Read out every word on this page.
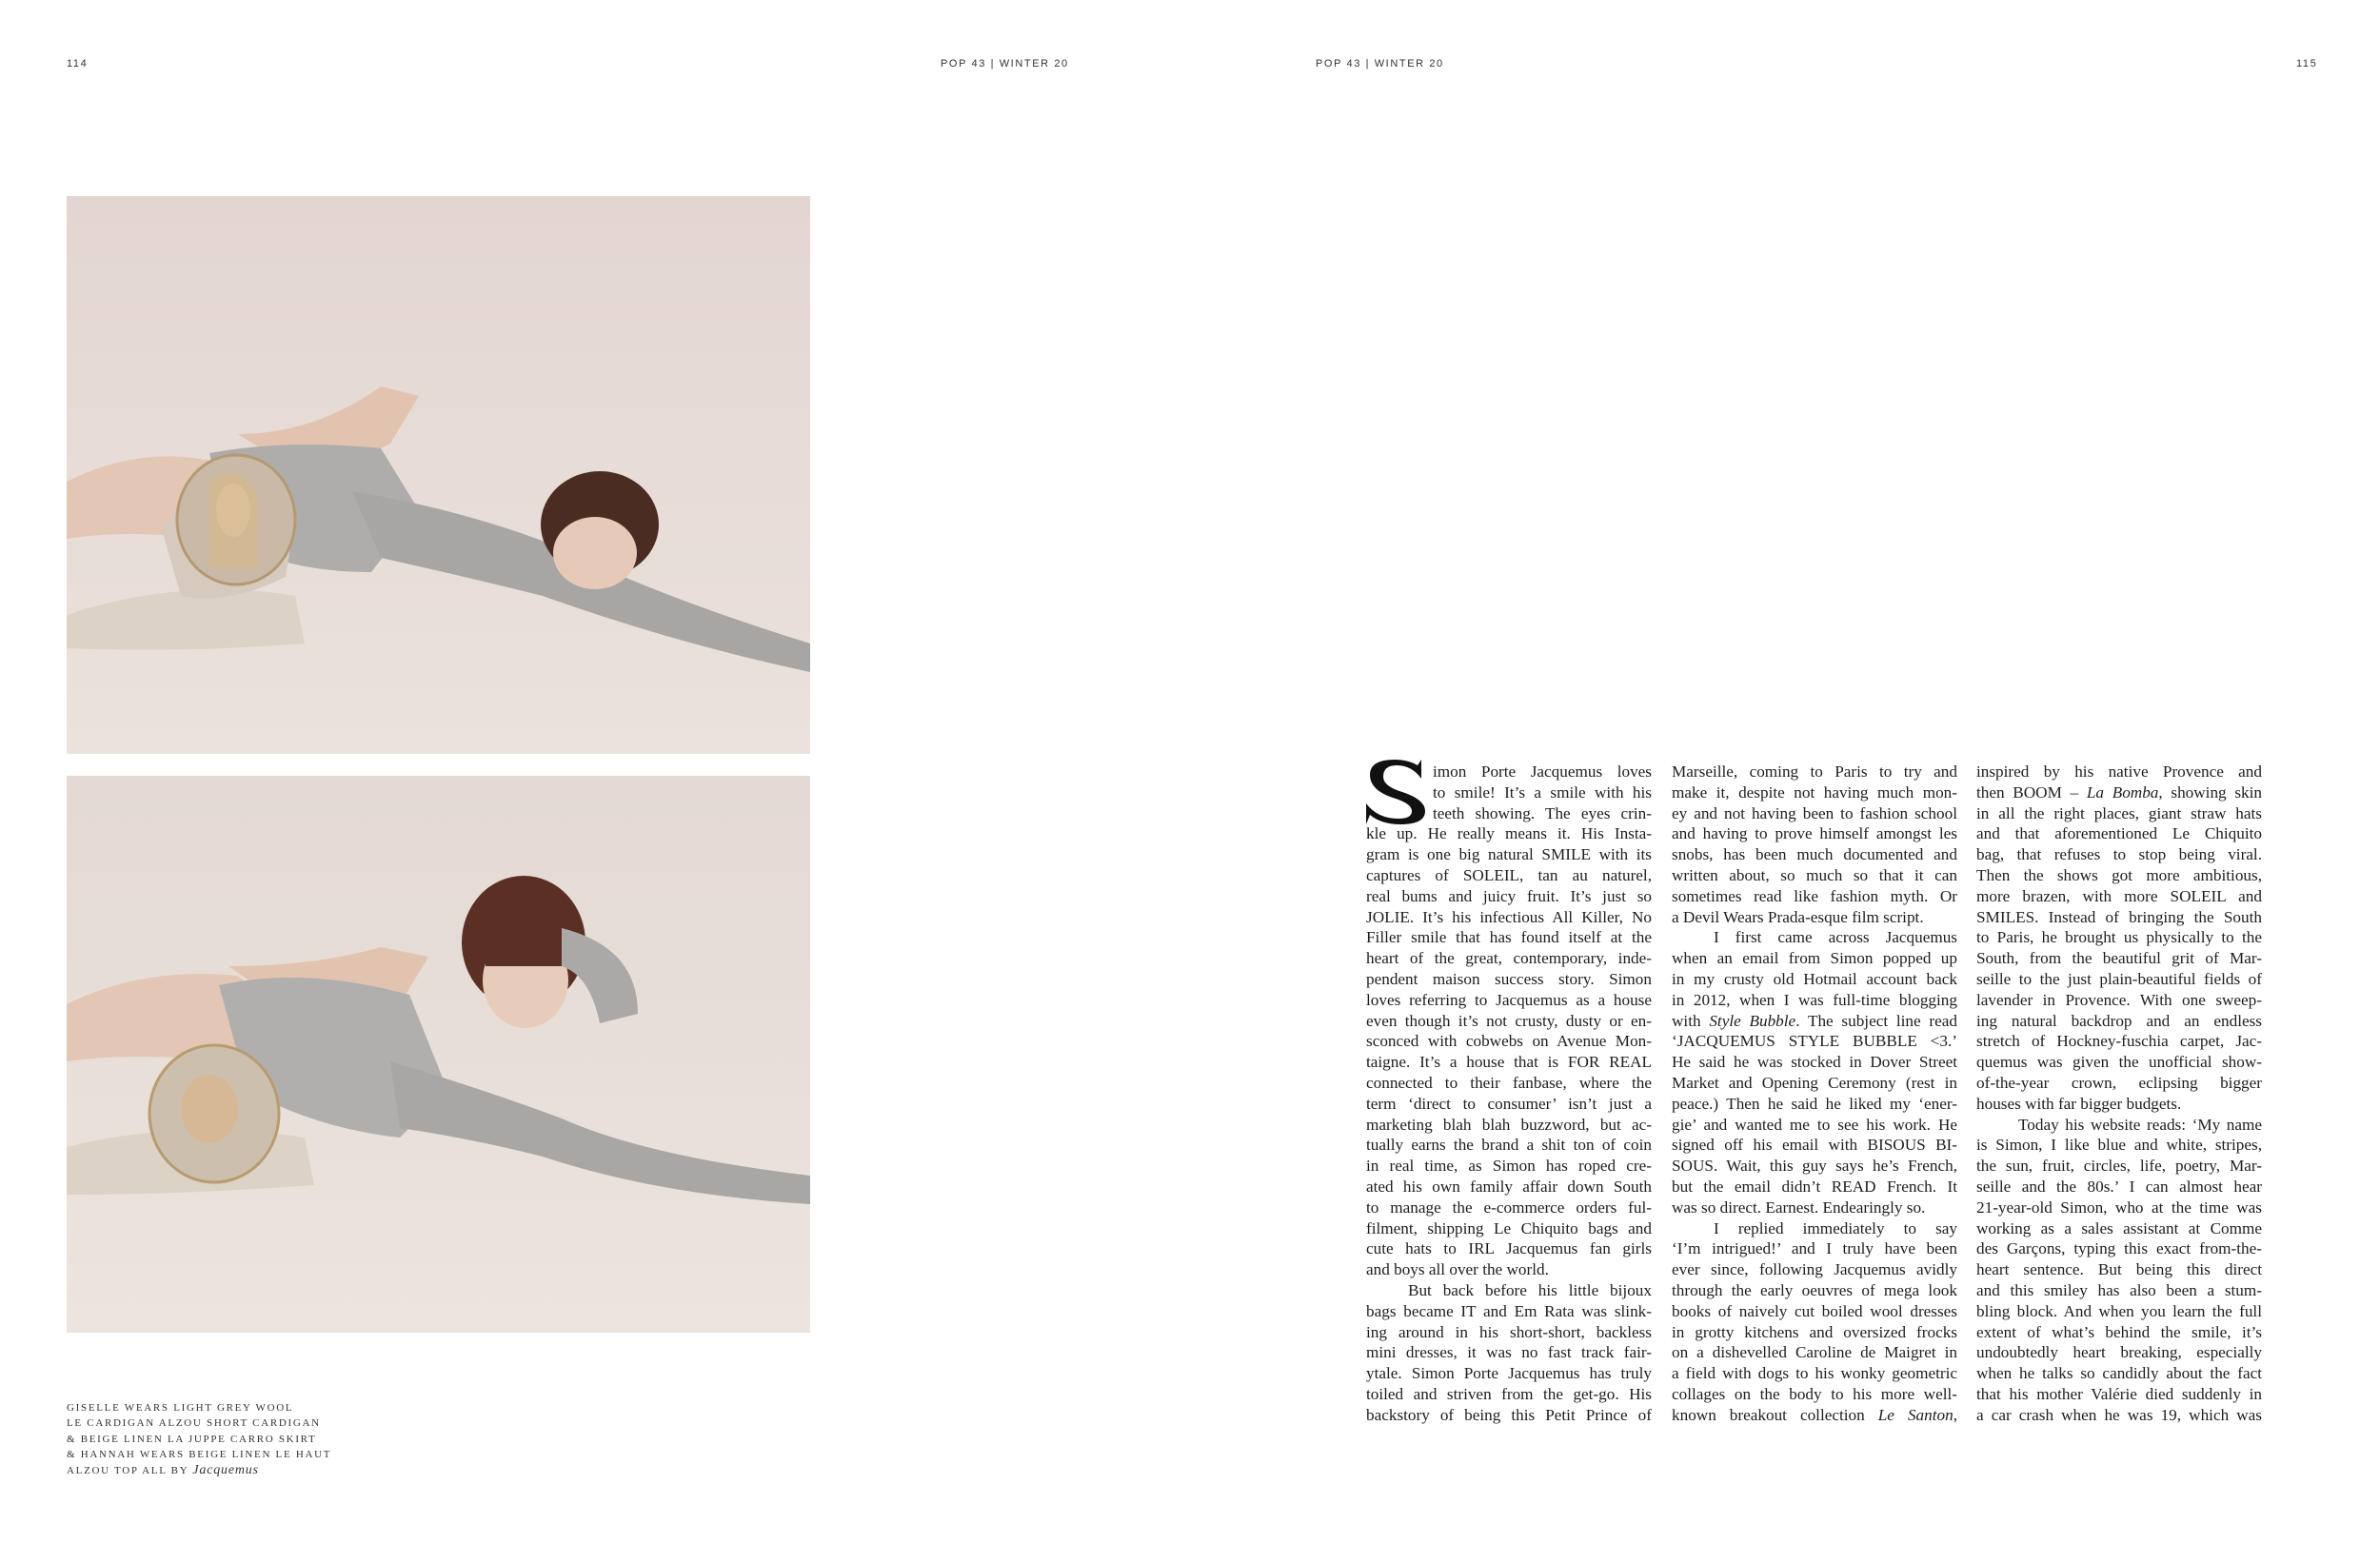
114	POP 43 | WINTER 20	POP 43 | WINTER 20	115
GISELLE WEARS LIGHT GREY WOOL
LE CARDIGAN ALZOU SHORT CARDIGAN
& BEIGE LINEN LA JUPPE CARRO SKIRT
& HANNAH WEARS BEIGE LINEN LE HAUT
ALZOU TOP ALL BY Jacquemus
imon Porte Jacquemus loves
to smile! It’s a smile with his
teeth showing. The eyes crin-
kle up. He really means it. His Insta-
gram is one big natural SMILE with its
captures of SOLEIL, tan au naturel,
real bums and juicy fruit. It’s just so
JOLIE. It’s his infectious All Killer, No
Filler smile that has found itself at the
heart of the great, contemporary, inde-
pendent maison success story. Simon
loves referring to Jacquemus as a house
even though it’s not crusty, dusty or en-
sconced with cobwebs on Avenue Mon-
taigne. It’s a house that is FOR REAL
connected to their fanbase, where the
term ‘direct to consumer’ isn’t just a
marketing blah blah buzzword, but ac-
tually earns the brand a shit ton of coin
in real time, as Simon has roped cre-
ated his own family affair down South
to manage the e-commerce orders ful-
filment, shipping Le Chiquito bags and
cute hats to IRL Jacquemus fan girls
and boys all over the world.
But back before his little bijoux
bags became IT and Em Rata was slink-
ing around in his short-short, backless
mini dresses, it was no fast track fair-
ytale. Simon Porte Jacquemus has truly
toiled and striven from the get-go. His
backstory of being this Petit Prince of
Marseille, coming to Paris to try and
make it, despite not having much mon-
ey and not having been to fashion school
and having to prove himself amongst les
snobs, has been much documented and
written about, so much so that it can
sometimes read like fashion myth. Or
a Devil Wears Prada-esque film script.
I first came across Jacquemus
when an email from Simon popped up
in my crusty old Hotmail account back
in 2012, when I was full-time blogging
with Style Bubble. The subject line read
‘JACQUEMUS STYLE BUBBLE <3.’
He said he was stocked in Dover Street
Market and Opening Ceremony (rest in
peace.) Then he said he liked my ‘ener-
gie’ and wanted me to see his work. He
signed off his email with BISOUS BI-
SOUS. Wait, this guy says he’s French,
but the email didn’t READ French. It
was so direct. Earnest. Endearingly so.
I replied immediately to say
‘I’m intrigued!’ and I truly have been
ever since, following Jacquemus avidly
through the early oeuvres of mega look
books of naively cut boiled wool dresses
in grotty kitchens and oversized frocks
on a dishevelled Caroline de Maigret in
a field with dogs to his wonky geometric
collages on the body to his more well-
known breakout collection Le Santon,
inspired by his native Provence and
then BOOM – La Bomba, showing skin
in all the right places, giant straw hats
and that aforementioned Le Chiquito
bag, that refuses to stop being viral.
Then the shows got more ambitious,
more brazen, with more SOLEIL and
SMILES. Instead of bringing the South
to Paris, he brought us physically to the
South, from the beautiful grit of Mar-
seille to the just plain-beautiful fields of
lavender in Provence. With one sweep-
ing natural backdrop and an endless
stretch of Hockney-fuschia carpet, Jac-
quemus was given the unofficial show-
of-the-year crown, eclipsing bigger
houses with far bigger budgets.
Today his website reads: ‘My name
is Simon, I like blue and white, stripes,
the sun, fruit, circles, life, poetry, Mar-
seille and the 80s.’ I can almost hear
21-year-old Simon, who at the time was
working as a sales assistant at Comme
des Garçons, typing this exact from-the-
heart sentence. But being this direct
and this smiley has also been a stum-
bling block. And when you learn the full
extent of what’s behind the smile, it’s
undoubtedly heart breaking, especially
when he talks so candidly about the fact
that his mother Valérie died suddenly in
a car crash when he was 19, which was
